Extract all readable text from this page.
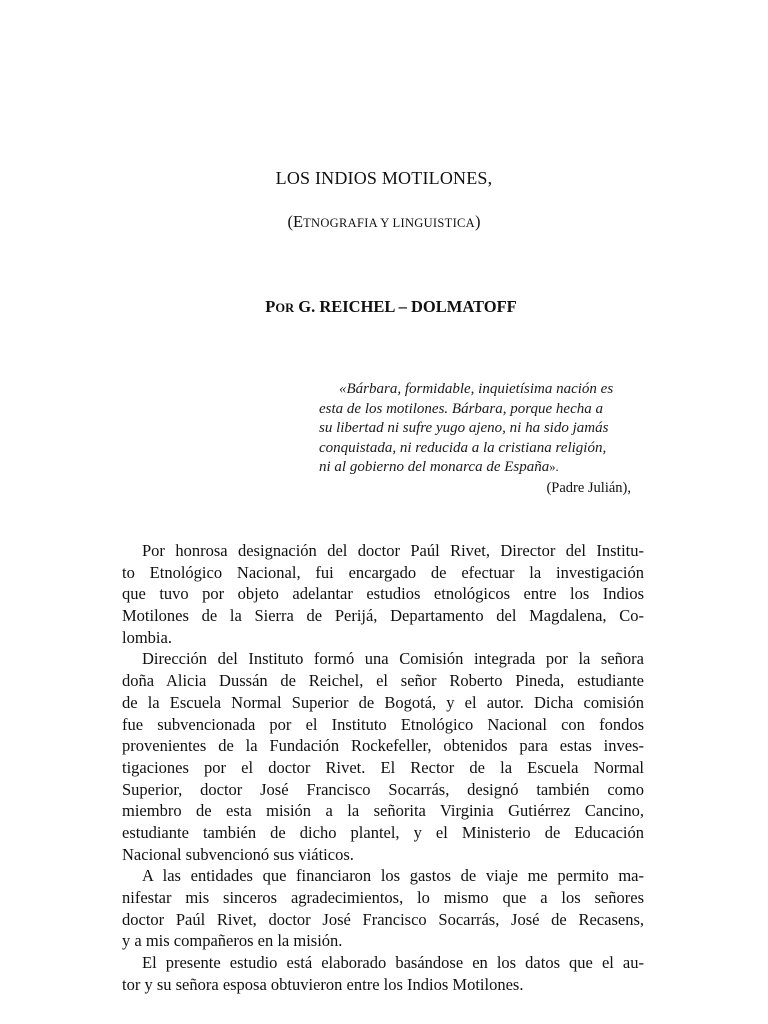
LOS INDIOS MOTILONES,
(ETNOGRAFIA Y LINGUISTICA)
POR G. REICHEL – DOLMATOFF
«Bárbara, formidable, inquietísima nación es
esta de los motilones. Bárbara, porque hecha a
su libertad ni sufre yugo ajeno, ni ha sido jamás
conquistada, ni reducida a la cristiana religión,
ni al gobierno del monarca de España».
(Padre Julián),
Por honrosa designación del doctor Paúl Rivet, Director del Institu-
to Etnológico Nacional, fui encargado de efectuar la investigación
que tuvo por objeto adelantar estudios etnológicos entre los Indios
Motilones de la Sierra de Perijá, Departamento del Magdalena, Co-
lombia.
Dirección del Instituto formó una Comisión integrada por la señora
doña Alicia Dussán de Reichel, el señor Roberto Pineda, estudiante
de la Escuela Normal Superior de Bogotá, y el autor. Dicha comisión
fue subvencionada por el Instituto Etnológico Nacional con fondos
provenientes de la Fundación Rockefeller, obtenidos para estas inves-
tigaciones por el doctor Rivet. El Rector de la Escuela Normal
Superior, doctor José Francisco Socarrás, designó también como
miembro de esta misión a la señorita Virginia Gutiérrez Cancino,
estudiante también de dicho plantel, y el Ministerio de Educación
Nacional subvencionó sus viáticos.
A las entidades que financiaron los gastos de viaje me permito ma-
nifestar mis sinceros agradecimientos, lo mismo que a los señores
doctor Paúl Rivet, doctor José Francisco Socarrás, José de Recasens,
y a mis compañeros en la misión.
El presente estudio está elaborado basándose en los datos que el au-
tor y su señora esposa obtuvieron entre los Indios Motilones.
